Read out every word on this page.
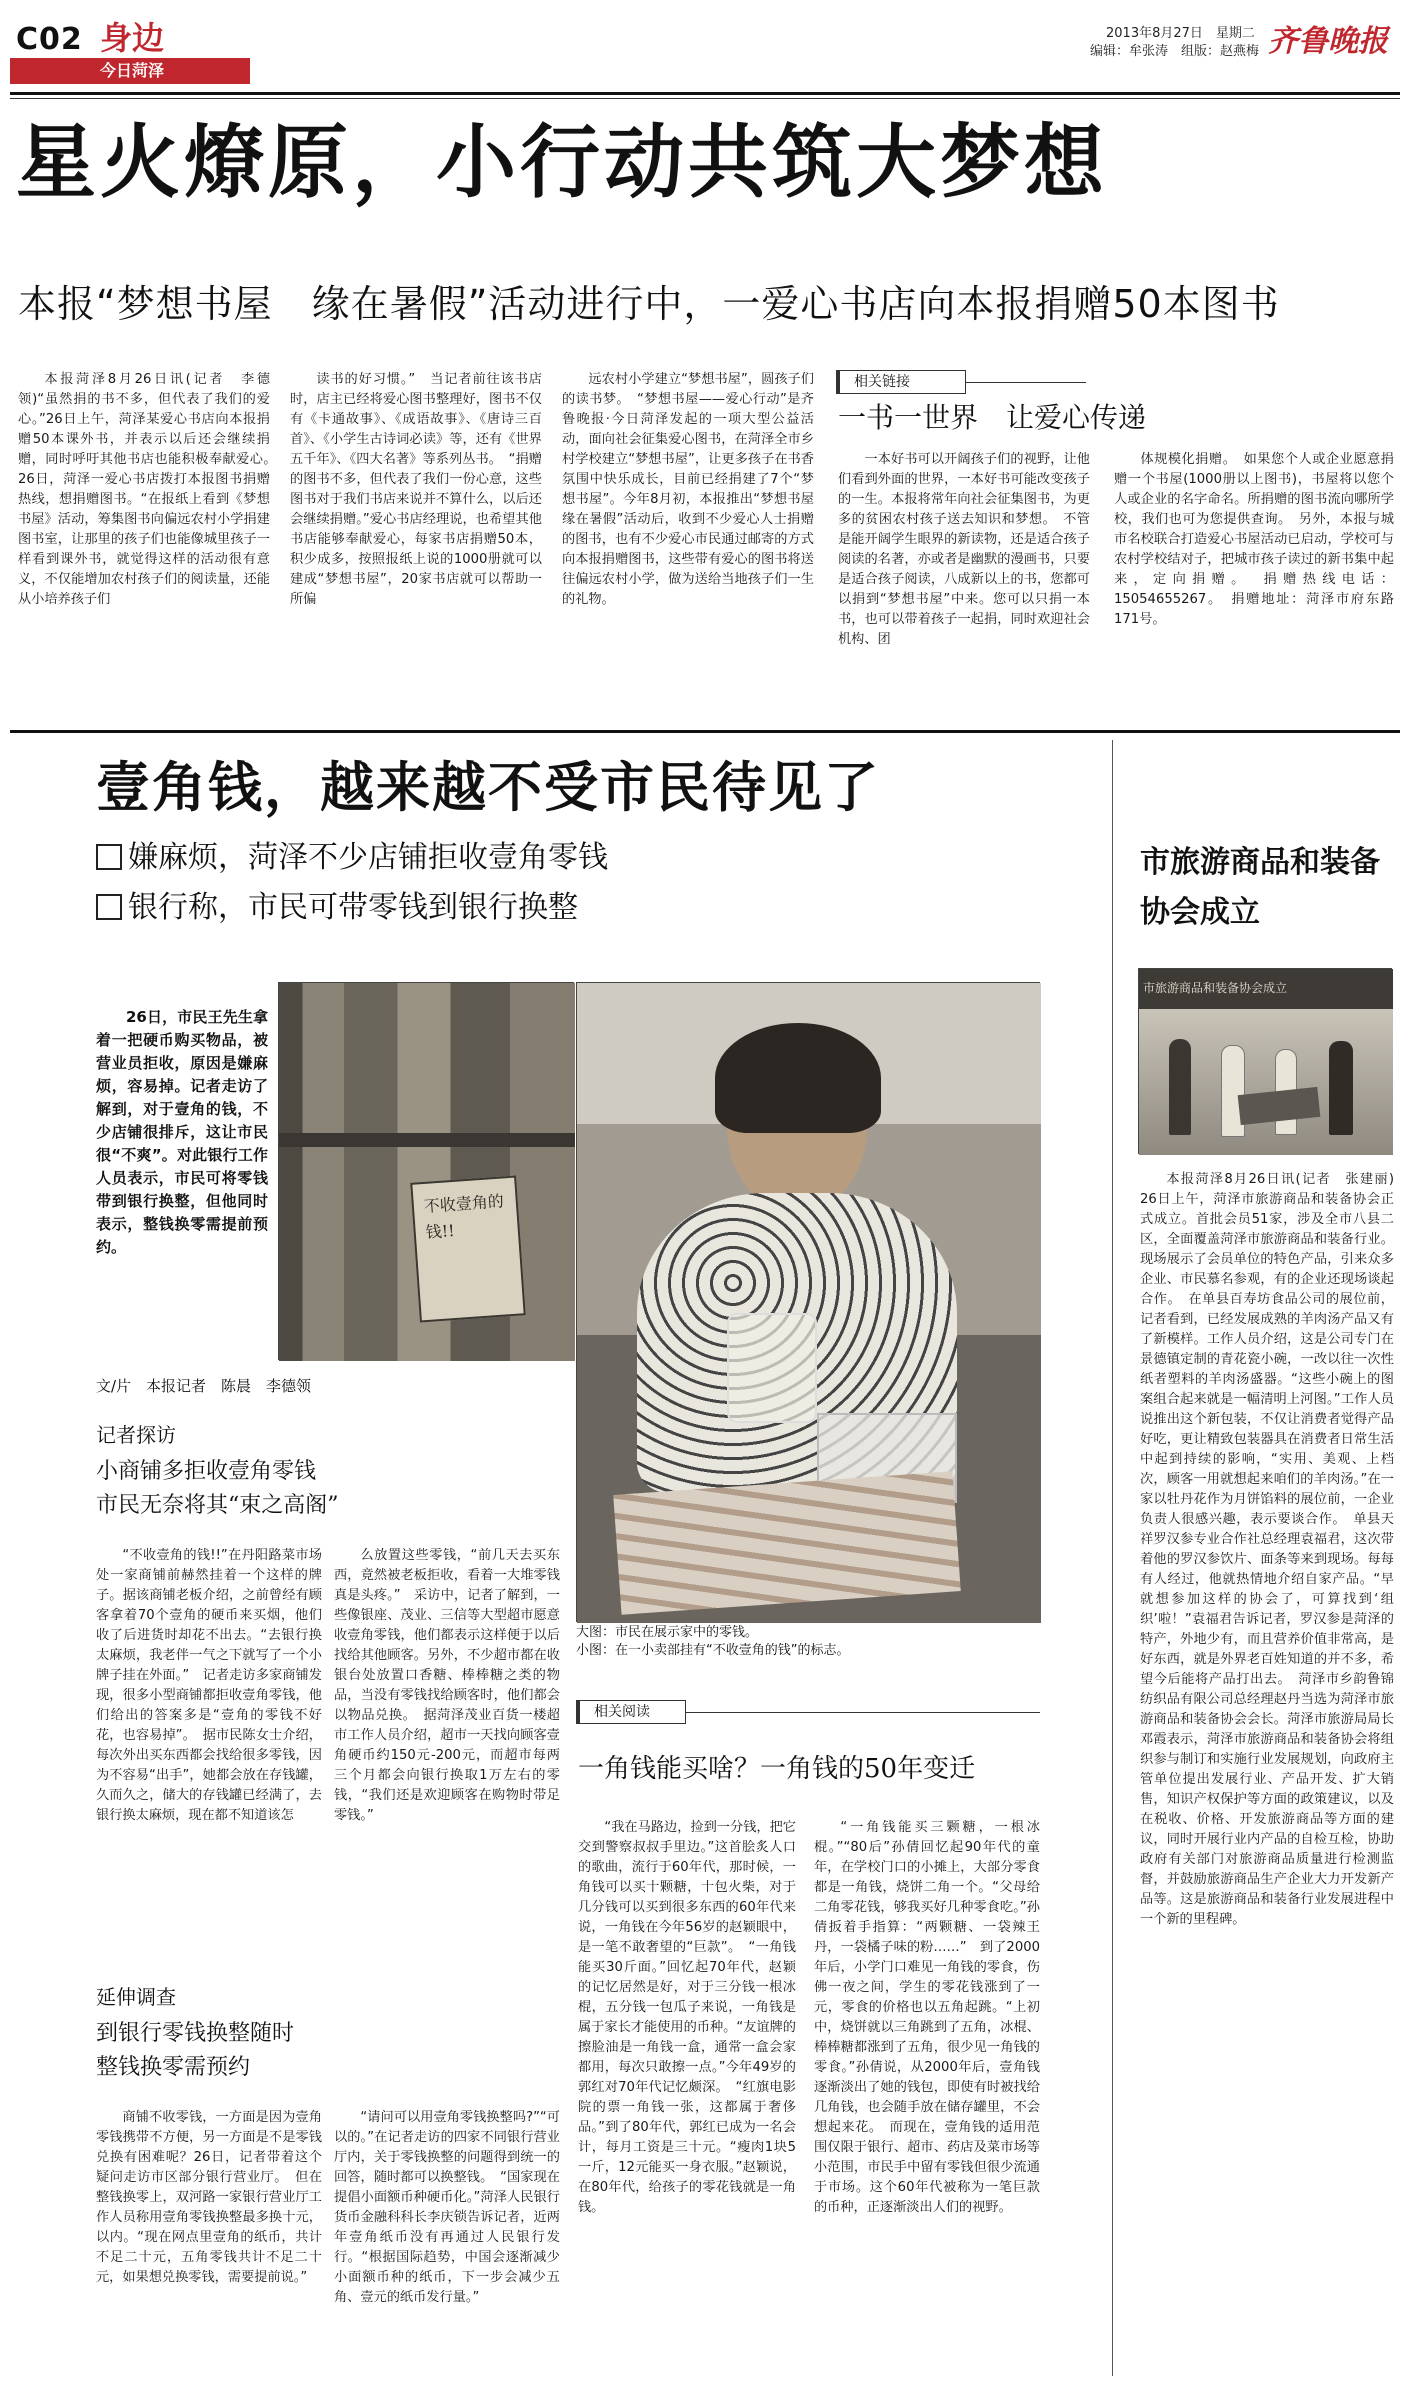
C02 身边
今日菏泽
2013年8月27日　星期二
编辑：牟张涛　组版：赵燕梅 齐鲁晚报
星火燎原，小行动共筑大梦想
本报“梦想书屋　缘在暑假”活动进行中，一爱心书店向本报捐赠50本图书

本报菏泽8月26日讯(记者　李德领)“虽然捐的书不多，但代表了我们的爱心。”26日上午，菏泽某爱心书店向本报捐赠50本课外书，并表示以后还会继续捐赠，同时呼吁其他书店也能积极奉献爱心。　26日，菏泽一爱心书店拨打本报图书捐赠热线，想捐赠图书。“在报纸上看到《梦想书屋》活动，筹集图书向偏远农村小学捐建图书室，让那里的孩子们也能像城里孩子一样看到课外书，就觉得这样的活动很有意义，不仅能增加农村孩子们的阅读量，还能从小培养孩子们

读书的好习惯。”　当记者前往该书店时，店主已经将爱心图书整理好，图书不仅有《卡通故事》、《成语故事》、《唐诗三百首》、《小学生古诗词必读》等，还有《世界五千年》、《四大名著》等系列丛书。　“捐赠的图书不多，但代表了我们一份心意，这些图书对于我们书店来说并不算什么，以后还会继续捐赠。”爱心书店经理说，也希望其他书店能够奉献爱心，每家书店捐赠50本，积少成多，按照报纸上说的1000册就可以建成“梦想书屋”，20家书店就可以帮助一所偏

远农村小学建立“梦想书屋”，圆孩子们的读书梦。　“梦想书屋——爱心行动”是齐鲁晚报·今日菏泽发起的一项大型公益活动，面向社会征集爱心图书，在菏泽全市乡村学校建立“梦想书屋”，让更多孩子在书香氛围中快乐成长，目前已经捐建了7个“梦想书屋”。今年8月初，本报推出“梦想书屋　缘在暑假”活动后，收到不少爱心人士捐赠的图书，也有不少爱心市民通过邮寄的方式向本报捐赠图书，这些带有爱心的图书将送往偏远农村小学，做为送给当地孩子们一生的礼物。

相关链接
一书一世界　让爱心传递

一本好书可以开阔孩子们的视野，让他们看到外面的世界，一本好书可能改变孩子的一生。本报将常年向社会征集图书，为更多的贫困农村孩子送去知识和梦想。　不管是能开阔学生眼界的新读物，还是适合孩子阅读的名著，亦或者是幽默的漫画书，只要是适合孩子阅读，八成新以上的书，您都可以捐到“梦想书屋”中来。您可以只捐一本书，也可以带着孩子一起捐，同时欢迎社会机构、团

体规模化捐赠。　如果您个人或企业愿意捐赠一个书屋(1000册以上图书)，书屋将以您个人或企业的名字命名。所捐赠的图书流向哪所学校，我们也可为您提供查询。　另外，本报与城市名校联合打造爱心书屋活动已启动，学校可与农村学校结对子，把城市孩子读过的新书集中起来，定向捐赠。　捐赠热线电话：15054655267。　捐赠地址：菏泽市府东路171号。

壹角钱，越来越不受市民待见了
嫌麻烦，菏泽不少店铺拒收壹角零钱
银行称，市民可带零钱到银行换整

26日，市民王先生拿着一把硬币购买物品，被营业员拒收，原因是嫌麻烦，容易掉。记者走访了解到，对于壹角的钱，不少店铺很排斥，这让市民很“不爽”。对此银行工作人员表示，市民可将零钱带到银行换整，但他同时表示，整钱换零需提前预约。

不收壹角的钱!!
文/片　本报记者　陈晨　李德领
大图：市民在展示家中的零钱。
小图：在一小卖部挂有“不收壹角的钱”的标志。
记者探访
小商铺多拒收壹角零钱
市民无奈将其“束之高阁”

“不收壹角的钱!!”在丹阳路菜市场处一家商铺前赫然挂着一个这样的牌子。据该商铺老板介绍，之前曾经有顾客拿着70个壹角的硬币来买烟，他们收了后进货时却花不出去。“去银行换太麻烦，我老伴一气之下就写了一个小牌子挂在外面。”　记者走访多家商铺发现，很多小型商铺都拒收壹角零钱，他们给出的答案多是“壹角的零钱不好花，也容易掉”。　据市民陈女士介绍，每次外出买东西都会找给很多零钱，因为不容易“出手”，她都会放在存钱罐，久而久之，储大的存钱罐已经满了，去银行换太麻烦，现在都不知道该怎

么放置这些零钱，“前几天去买东西，竟然被老板拒收，看着一大堆零钱真是头疼。”　采访中，记者了解到，一些像银座、茂业、三信等大型超市愿意收壹角零钱，他们都表示这样便于以后找给其他顾客。另外，不少超市都在收银台处放置口香糖、棒棒糖之类的物品，当没有零钱找给顾客时，他们都会以物品兑换。　据菏泽茂业百货一楼超市工作人员介绍，超市一天找向顾客壹角硬币约150元-200元，而超市每两三个月都会向银行换取1万左右的零钱，“我们还是欢迎顾客在购物时带足零钱。”

延伸调查
到银行零钱换整随时
整钱换零需预约

商铺不收零钱，一方面是因为壹角零钱携带不方便，另一方面是不是零钱兑换有困难呢？26日，记者带着这个疑问走访市区部分银行营业厅。　但在整钱换零上，双河路一家银行营业厅工作人员称用壹角零钱换整最多换十元，以内。“现在网点里壹角的纸币，共计不足二十元，五角零钱共计不足二十元，如果想兑换零钱，需要提前说。”

“请问可以用壹角零钱换整吗?”“可以的。”在记者走访的四家不同银行营业厅内，关于零钱换整的问题得到统一的回答，随时都可以换整钱。　“国家现在提倡小面额币种硬币化。”菏泽人民银行货币金融科科长李庆锁告诉记者，近两年壹角纸币没有再通过人民银行发行。“根据国际趋势，中国会逐渐减少小面额币种的纸币，下一步会减少五角、壹元的纸币发行量。”

相关阅读
一角钱能买啥？一角钱的50年变迁

“我在马路边，捡到一分钱，把它交到警察叔叔手里边。”这首脍炙人口的歌曲，流行于60年代，那时候，一角钱可以买十颗糖，十包火柴，对于几分钱可以买到很多东西的60年代来说，一角钱在今年56岁的赵颖眼中，是一笔不敢奢望的“巨款”。　“一角钱能买30斤面。”回忆起70年代，赵颖的记忆居然是好，对于三分钱一根冰棍，五分钱一包瓜子来说，一角钱是属于家长才能使用的币种。“友谊牌的擦脸油是一角钱一盒，通常一盒会家都用，每次只敢擦一点。”今年49岁的郭红对70年代记忆颇深。　“红旗电影院的票一角钱一张，这都属于奢侈品。”到了80年代，郭红已成为一名会计，每月工资是三十元。“瘦肉1块5一斤，12元能买一身衣服。”赵颖说，在80年代，给孩子的零花钱就是一角钱。

“一角钱能买三颗糖，一根冰棍。”“80后”孙倩回忆起90年代的童年，在学校门口的小摊上，大部分零食都是一角钱，烧饼二角一个。“父母给二角零花钱，够我买好几种零食吃。”孙倩扳着手指算：“两颗糖、一袋辣王丹，一袋橘子味的粉……”　到了2000年后，小学门口难见一角钱的零食，伤佛一夜之间，学生的零花钱涨到了一元，零食的价格也以五角起跳。“上初中，烧饼就以三角跳到了五角，冰棍、棒棒糖都涨到了五角，很少见一角钱的零食。”孙倩说，从2000年后，壹角钱逐渐淡出了她的钱包，即使有时被找给几角钱，也会随手放在储存罐里，不会想起来花。　而现在，壹角钱的适用范围仅限于银行、超市、药店及菜市场等小范围，市民手中留有零钱但很少流通于市场。这个60年代被称为一笔巨款的币种，正逐渐淡出人们的视野。

市旅游商品和装备
协会成立
市旅游商品和装备协会成立

本报菏泽8月26日讯(记者　张建丽)　26日上午，菏泽市旅游商品和装备协会正式成立。首批会员51家，涉及全市八县二区，全面覆盖菏泽市旅游商品和装备行业。现场展示了会员单位的特色产品，引来众多企业、市民慕名参观，有的企业还现场谈起合作。　在单县百寿坊食品公司的展位前，记者看到，已经发展成熟的羊肉汤产品又有了新模样。工作人员介绍，这是公司专门在景德镇定制的青花瓷小碗，一改以往一次性纸者塑料的羊肉汤盛器。“这些小碗上的图案组合起来就是一幅清明上河图。”工作人员说推出这个新包装，不仅让消费者觉得产品好吃，更让精致包装器具在消费者日常生活中起到持续的影响，“实用、美观、上档次，顾客一用就想起来咱们的羊肉汤。”在一家以牡丹花作为月饼馅料的展位前，一企业负责人很感兴趣，表示要谈合作。　单县天祥罗汉参专业合作社总经理袁福君，这次带着他的罗汉参饮片、面条等来到现场。每每有人经过，他就热情地介绍自家产品。“早就想参加这样的协会了，可算找到‘组织’啦！”袁福君告诉记者，罗汉参是菏泽的特产，外地少有，而且营养价值非常高，是好东西，就是外界老百姓知道的并不多，希望今后能将产品打出去。　菏泽市乡韵鲁锦纺织品有限公司总经理赵丹当选为菏泽市旅游商品和装备协会会长。菏泽市旅游局局长邓霞表示，菏泽市旅游商品和装备协会将组织参与制订和实施行业发展规划，向政府主管单位提出发展行业、产品开发、扩大销售，知识产权保护等方面的政策建议，以及在税收、价格、开发旅游商品等方面的建议，同时开展行业内产品的自检互检，协助政府有关部门对旅游商品质量进行检测监督，并鼓励旅游商品生产企业大力开发新产品等。这是旅游商品和装备行业发展进程中一个新的里程碑。
